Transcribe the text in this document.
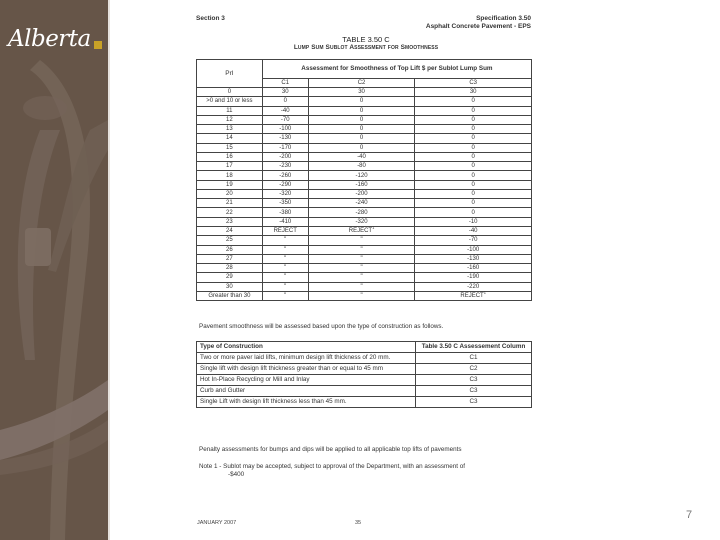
Alberta
Section 3	Specification 3.50
Asphalt Concrete Pavement - EPS
TABLE 3.50 C
Lump Sum Sublot Assessment for Smoothness
PrI	Assessment for Smoothness of Top Lift $ per Sublot Lump Sum		
	C1	C2	C3
0	30	30	30
>0 and 10 or less	0	0	0
11	-40	0	0
12	-70	0	0
13	-100	0	0
14	-130	0	0
15	-170	0	0
16	-200	-40	0
17	-230	-80	0
18	-260	-120	0
19	-290	-160	0
20	-320	-200	0
21	-350	-240	0
22	-380	-280	0
23	-410	-320	-10
24	REJECT	REJECT$^1$	-40
25	"	"	-70
26	"	"	-100
27	"	"	-130
28	"	"	-160
29	"	"	-190
30	"	"	-220
Greater than 30	"	"	REJECT$^1$
Pavement smoothness will be assessed based upon the type of construction as follows.
Type of Construction	Table 3.50 C Assessement Column
Two or more paver laid lifts, minimum design lift thickness of 20 mm.	C1
Single lift with design lift thickness greater than or equal to 45 mm	C2
Hot In-Place Recycling or Mill and Inlay	C3
Curb and Gutter	C3
Single Lift with design lift thickness less than 45 mm.	C3
Penalty assessments for bumps and dips will be applied to all applicable top lifts of pavements
Note 1 - Sublot may be accepted, subject to approval of the Department, with an assessment of
-$400
JANUARY 2007	35
7
